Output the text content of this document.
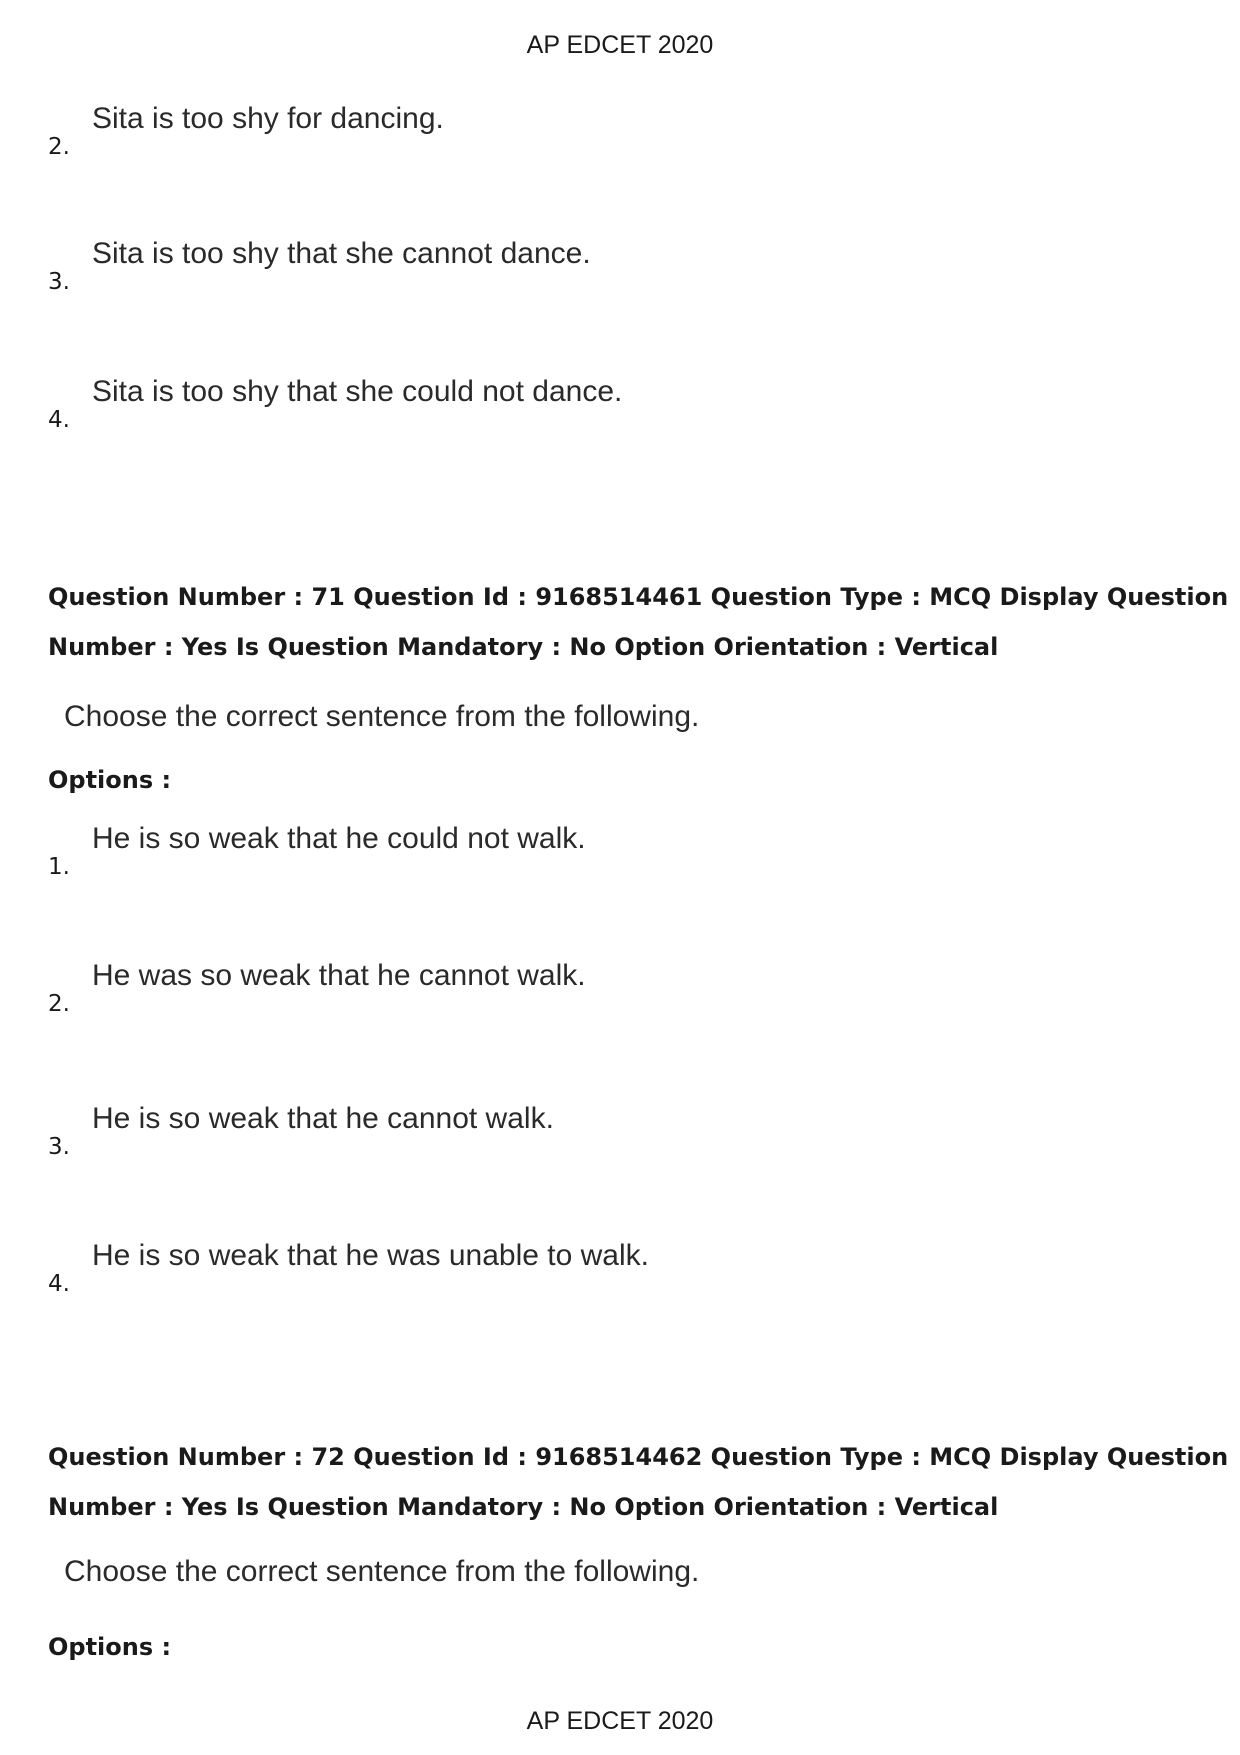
AP EDCET 2020
2.
Sita is too shy for dancing.
3.
Sita is too shy that she cannot dance.
4.
Sita is too shy that she could not dance.
Question Number : 71 Question Id : 9168514461 Question Type : MCQ Display Question
Number : Yes Is Question Mandatory : No Option Orientation : Vertical
Choose the correct sentence from the following.
Options :
1.
He is so weak that he could not walk.
2.
He was so weak that he cannot walk.
3.
He is so weak that he cannot walk.
4.
He is so weak that he was unable to walk.
Question Number : 72 Question Id : 9168514462 Question Type : MCQ Display Question
Number : Yes Is Question Mandatory : No Option Orientation : Vertical
Choose the correct sentence from the following.
Options :
AP EDCET 2020
